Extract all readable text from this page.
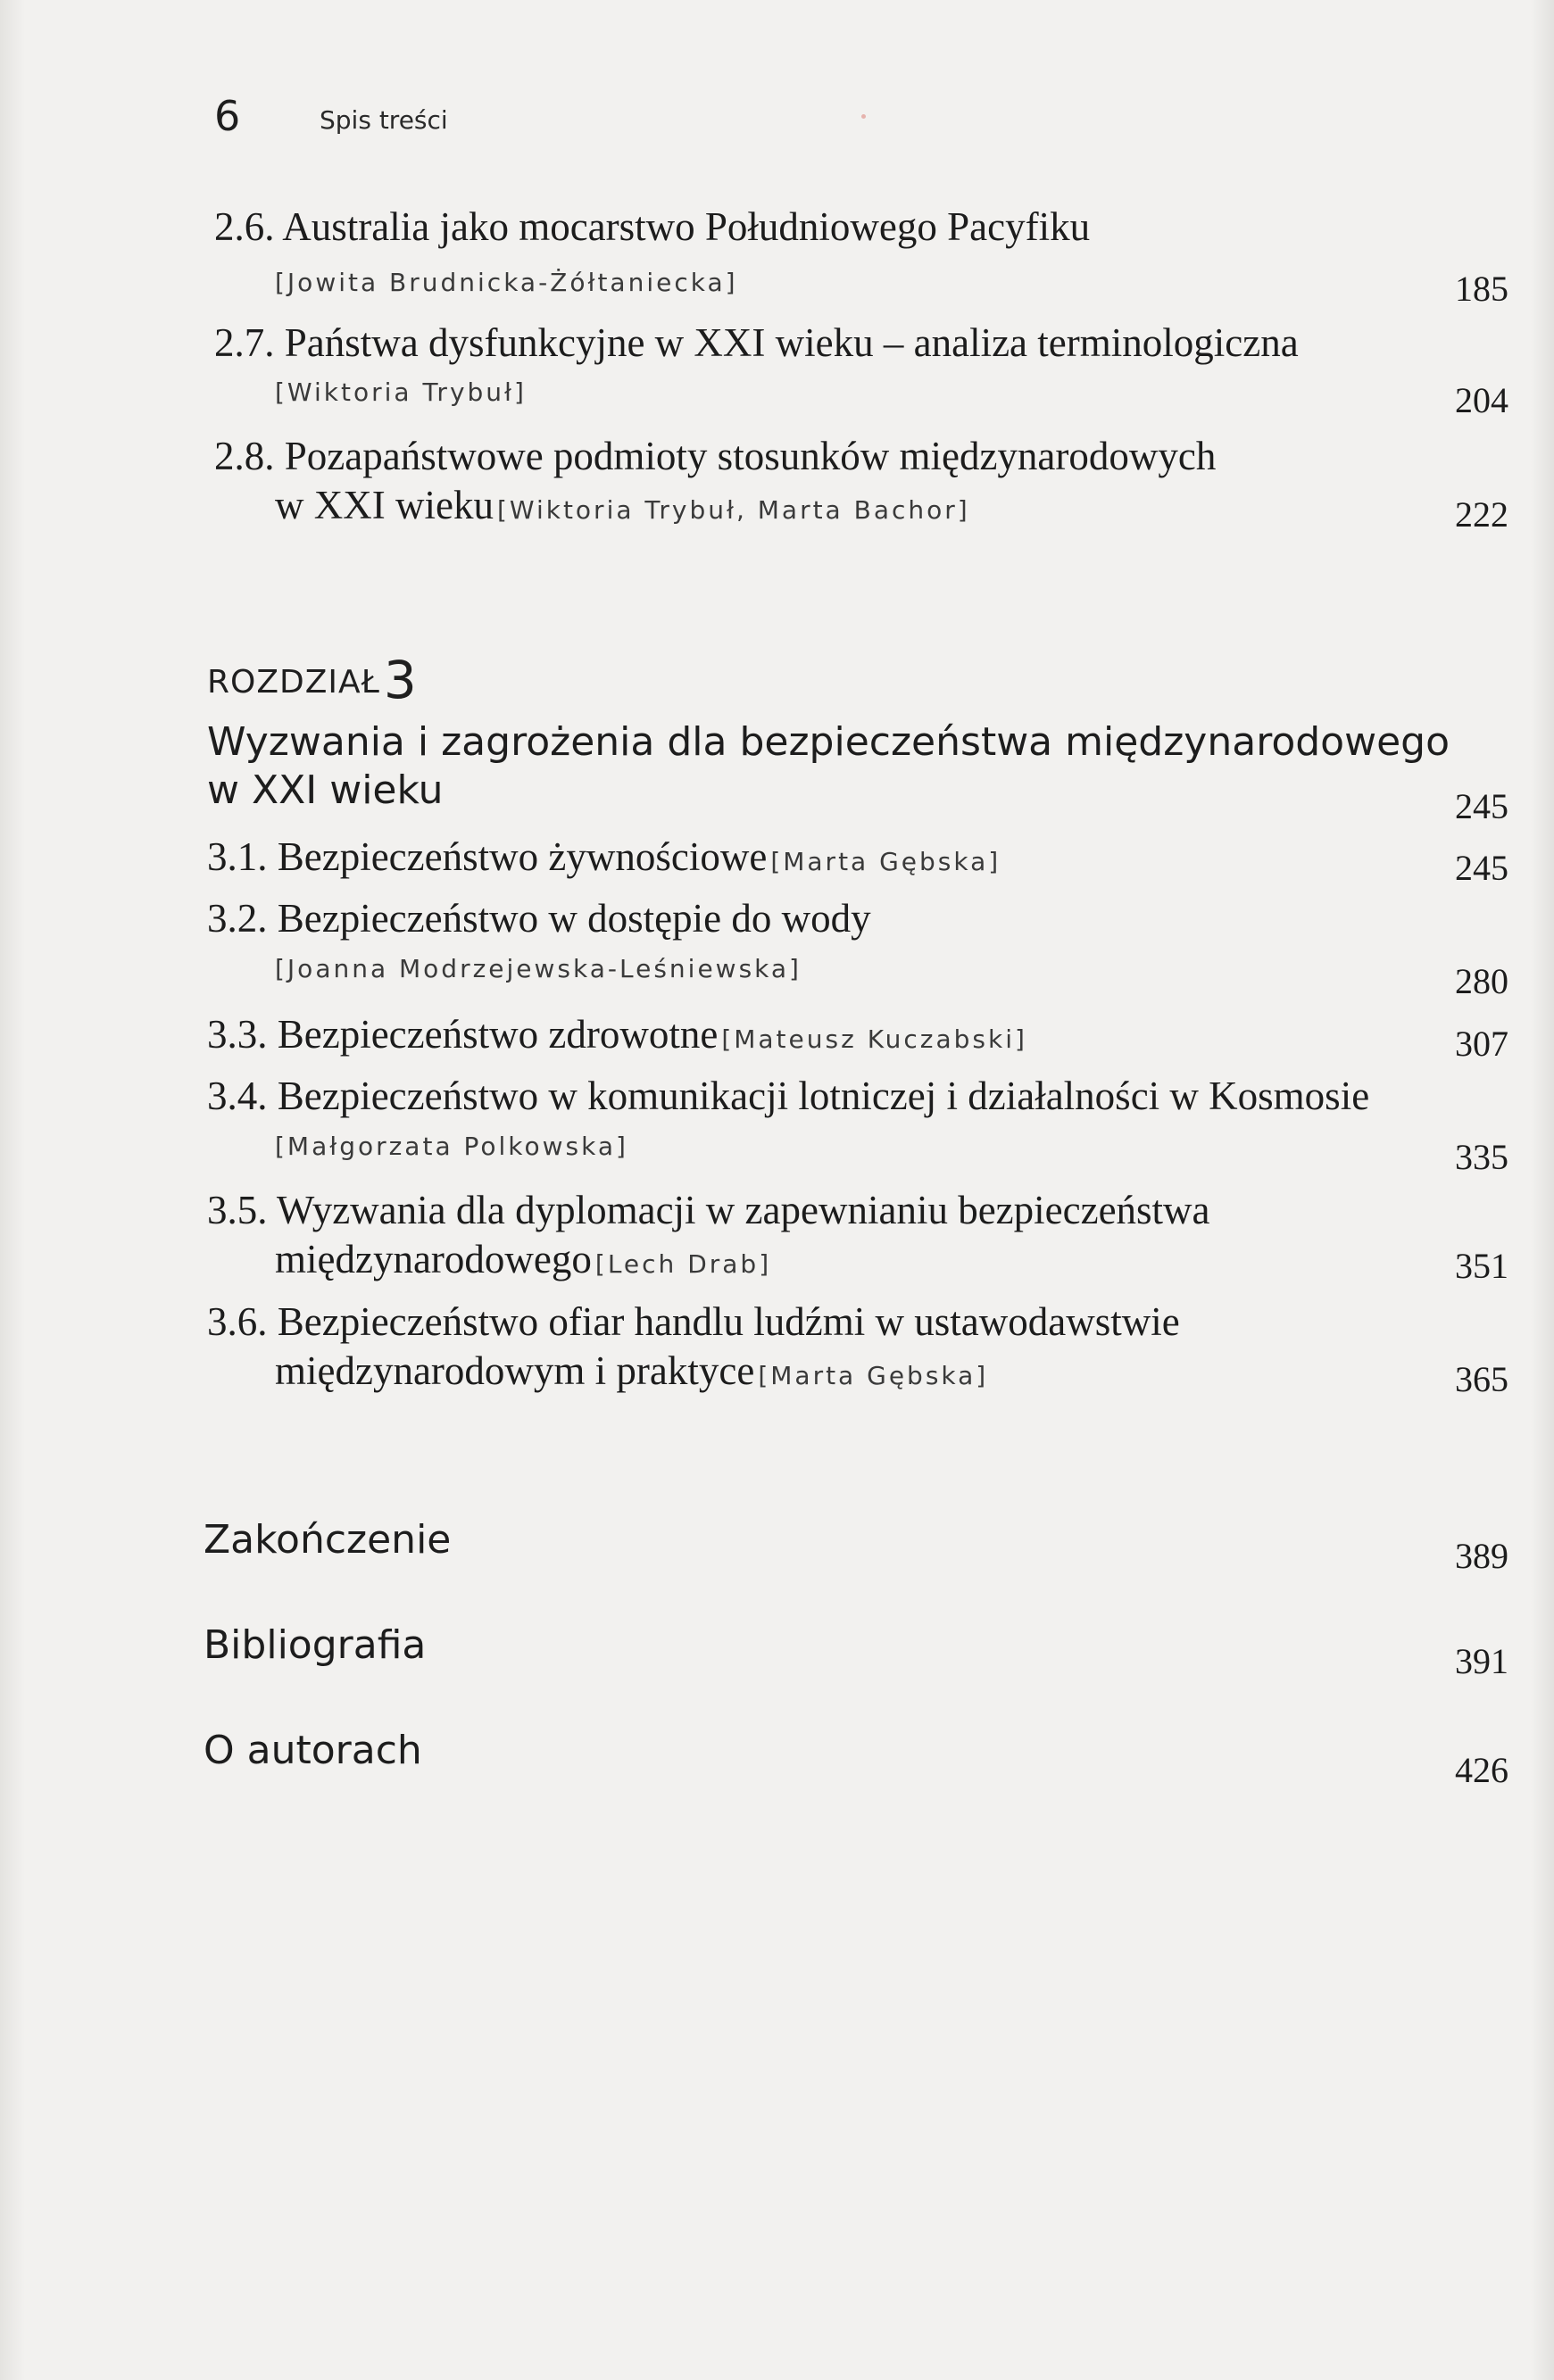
6	Spis treści
2.6. Australia jako mocarstwo Południowego Pacyfiku
[Jowita Brudnicka-Żółtaniecka]	185
2.7. Państwa dysfunkcyjne w XXI wieku – analiza terminologiczna
[Wiktoria Trybuł]	204
2.8. Pozapaństwowe podmioty stosunków międzynarodowych
w XXI wieku [Wiktoria Trybuł, Marta Bachor]	222
ROZDZIAŁ3
Wyzwania i zagrożenia dla bezpieczeństwa międzynarodowego
w XXI wieku	245
3.1. Bezpieczeństwo żywnościowe [Marta Gębska]	245
3.2. Bezpieczeństwo w dostępie do wody
[Joanna Modrzejewska-Leśniewska]	280
3.3. Bezpieczeństwo zdrowotne [Mateusz Kuczabski]	307
3.4. Bezpieczeństwo w komunikacji lotniczej i działalności w Kosmosie
[Małgorzata Polkowska]	335
3.5. Wyzwania dla dyplomacji w zapewnianiu bezpieczeństwa
międzynarodowego [Lech Drab]	351
3.6. Bezpieczeństwo ofiar handlu ludźmi w ustawodawstwie
międzynarodowym i praktyce [Marta Gębska]	365
Zakończenie	389
Bibliografia	391
O autorach	426
